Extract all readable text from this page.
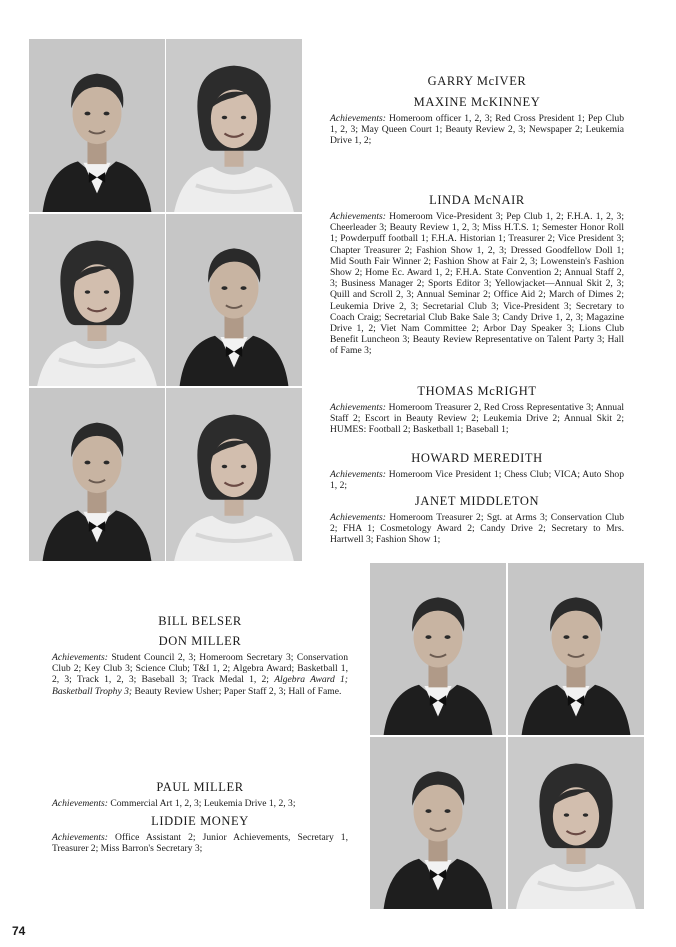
GARRY McIVER
MAXINE McKINNEY

Achievements: Homeroom officer 1, 2, 3; Red Cross President 1; Pep Club 1, 2, 3; May Queen Court 1; Beauty Review 2, 3; Newspaper 2; Leukemia Drive 1, 2;

LINDA McNAIR

Achievements: Homeroom Vice-President 3; Pep Club 1, 2; F.H.A. 1, 2, 3; Cheerleader 3; Beauty Review 1, 2, 3; Miss H.T.S. 1; Semester Honor Roll 1; Powderpuff football 1; F.H.A. Historian 1; Treasurer 2; Vice President 3; Chapter Treasurer 2; Fashion Show 1, 2, 3; Dressed Goodfellow Doll 1; Mid South Fair Winner 2; Fashion Show at Fair 2, 3; Lowenstein's Fashion Show 2; Home Ec. Award 1, 2; F.H.A. State Convention 2; Annual Staff 2, 3; Business Manager 2; Sports Editor 3; Yellowjacket—Annual Skit 2, 3; Quill and Scroll 2, 3; Annual Seminar 2; Office Aid 2; March of Dimes 2; Leukemia Drive 2, 3; Secretarial Club 3; Vice-President 3; Secretary to Coach Craig; Secretarial Club Bake Sale 3; Candy Drive 1, 2, 3; Magazine Drive 1, 2; Viet Nam Committee 2; Arbor Day Speaker 3; Lions Club Benefit Luncheon 3; Beauty Review Representative on Talent Party 3; Hall of Fame 3;

THOMAS McRIGHT

Achievements: Homeroom Treasurer 2, Red Cross Representative 3; Annual Staff 2; Escort in Beauty Review 2; Leukemia Drive 2; Annual Skit 2; HUMES: Football 2; Basketball 1; Baseball 1;

HOWARD MEREDITH

Achievements: Homeroom Vice President 1; Chess Club; VICA; Auto Shop 1, 2;

JANET MIDDLETON

Achievements: Homeroom Treasurer 2; Sgt. at Arms 3; Conservation Club 2; FHA 1; Cosmetology Award 2; Candy Drive 2; Secretary to Mrs. Hartwell 3; Fashion Show 1;

BILL BELSER
DON MILLER

Achievements: Student Council 2, 3; Homeroom Secretary 3; Conservation Club 2; Key Club 3; Science Club; T&I 1, 2; Algebra Award; Basketball 1, 2, 3; Track 1, 2, 3; Baseball 3; Track Medal 1, 2; Algebra Award 1; Basketball Trophy 3; Beauty Review Usher; Paper Staff 2, 3; Hall of Fame.

PAUL MILLER

Achievements: Commercial Art 1, 2, 3; Leukemia Drive 1, 2, 3;

LIDDIE MONEY

Achievements: Office Assistant 2; Junior Achievements, Secretary 1, Treasurer 2; Miss Barron's Secretary 3;

74
